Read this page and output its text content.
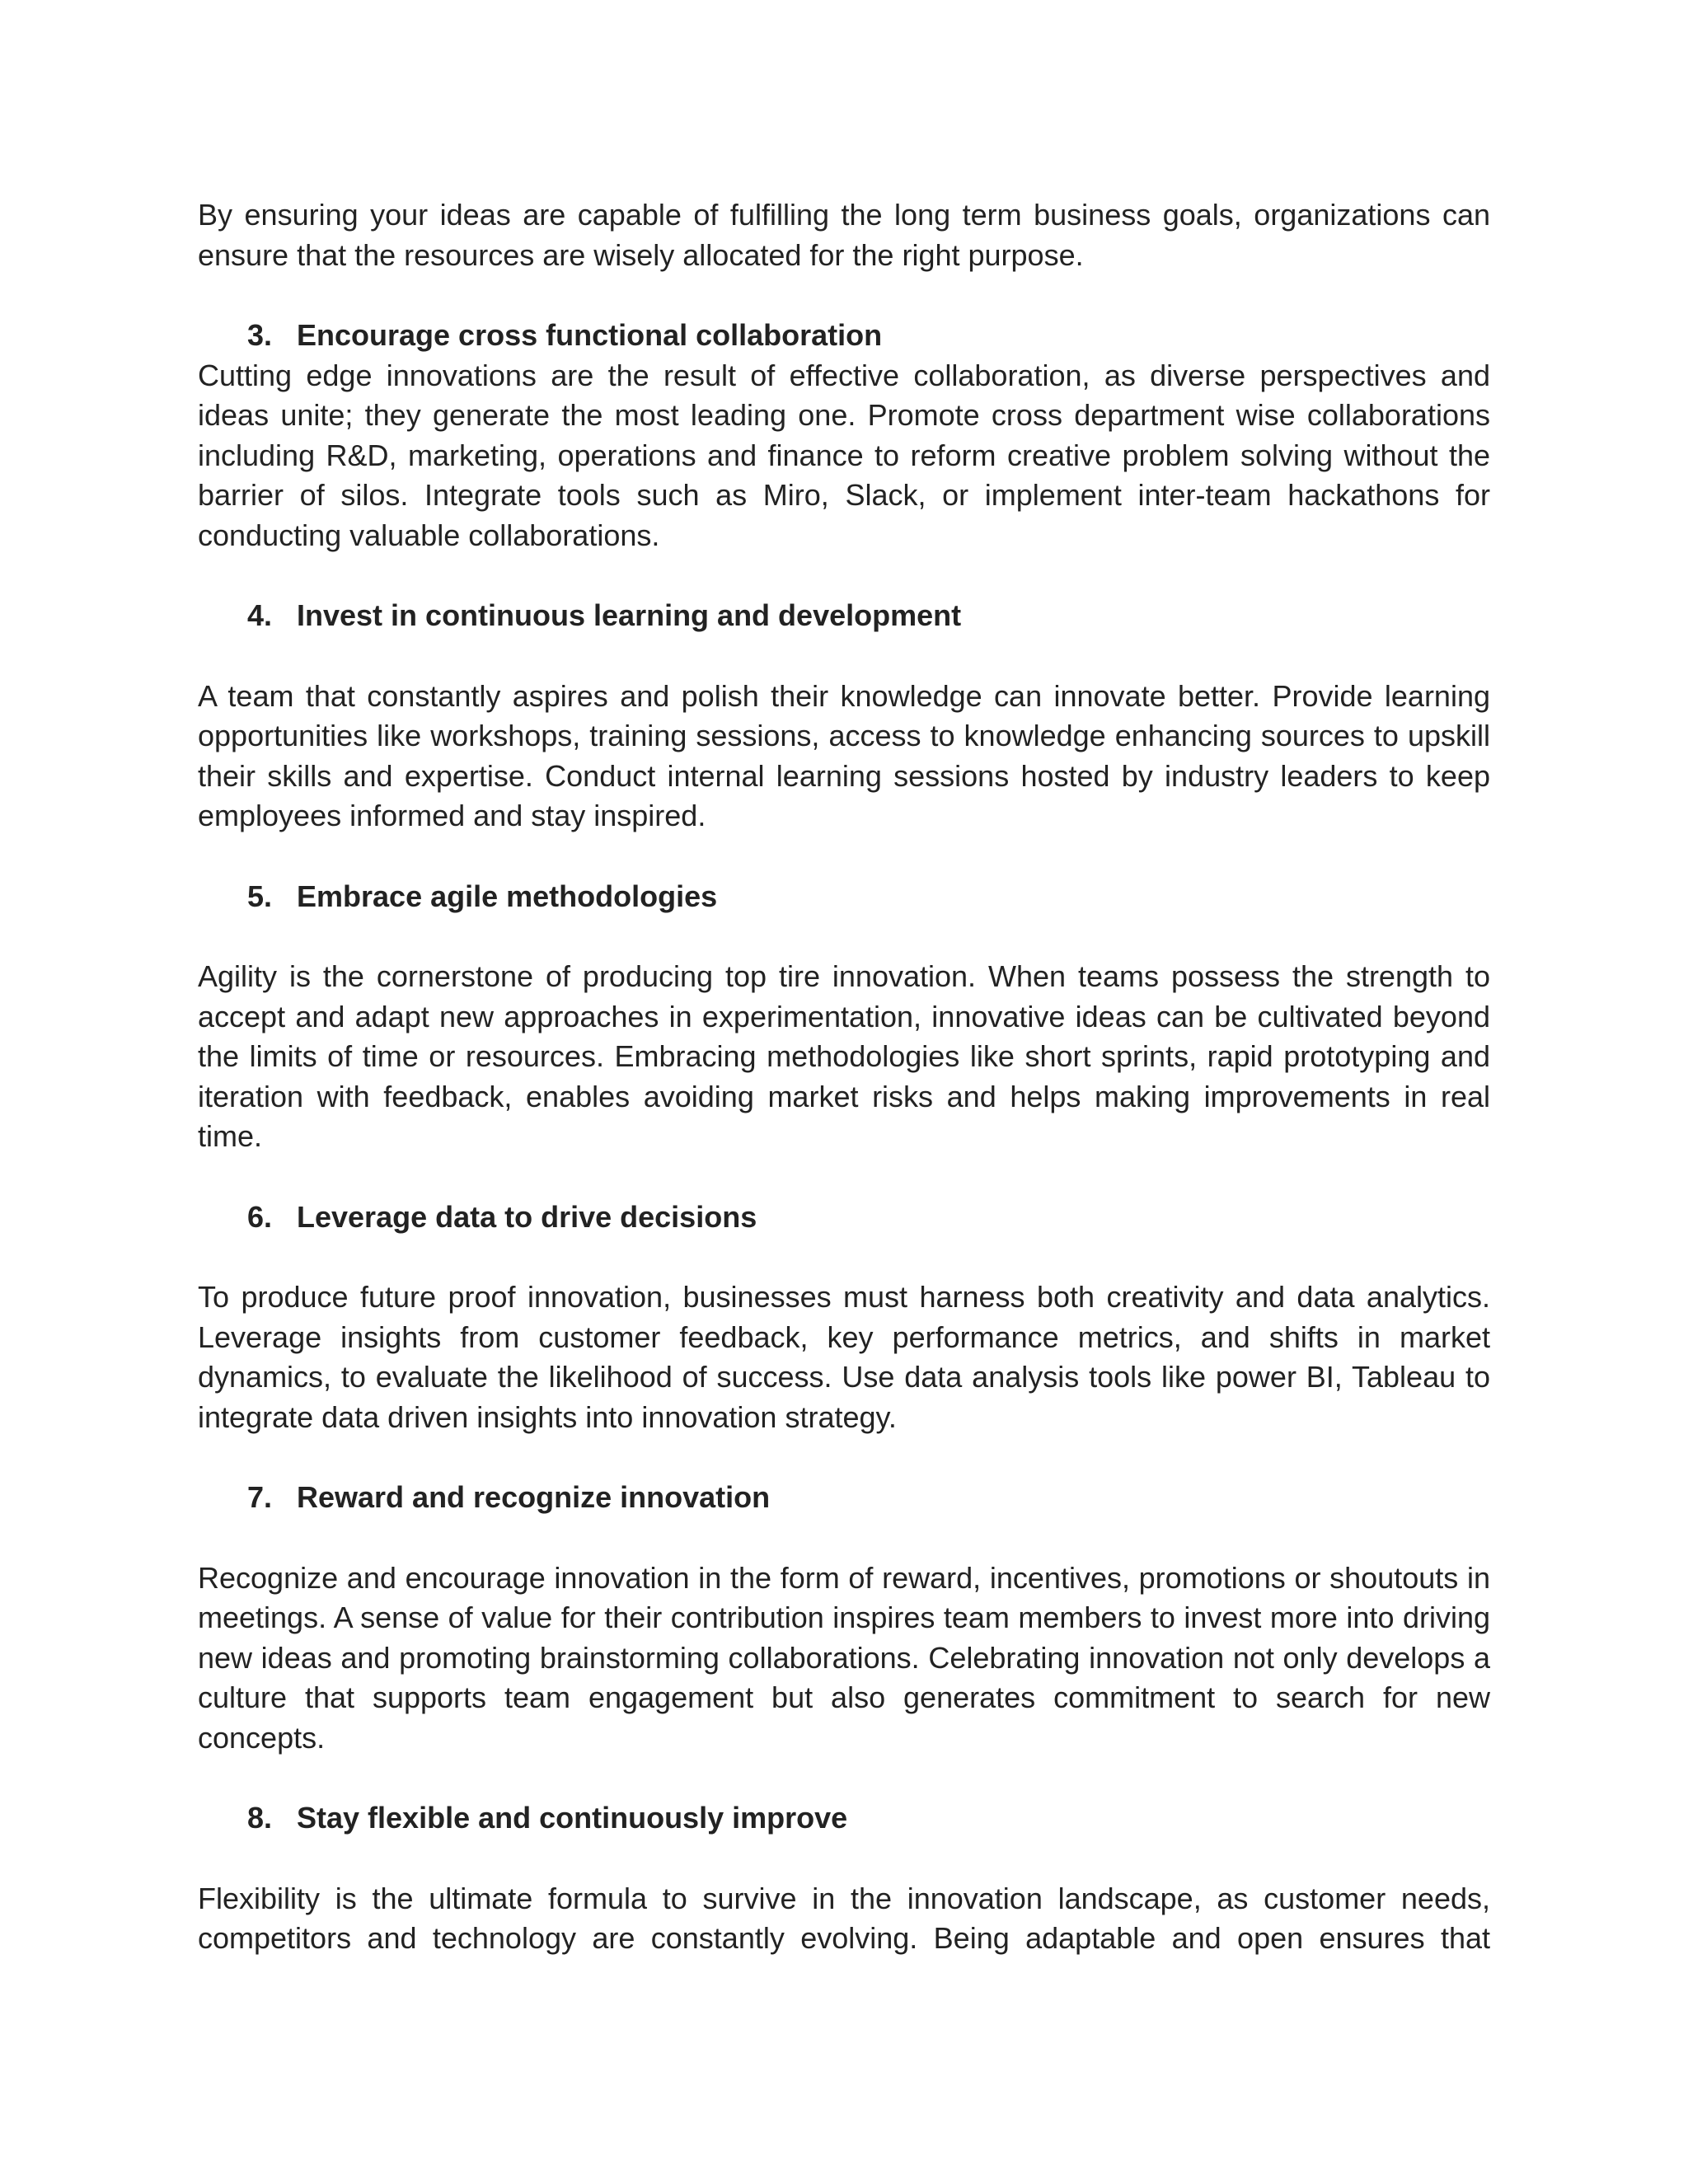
By ensuring your ideas are capable of fulfilling the long term business goals, organizations can ensure that the resources are wisely allocated for the right purpose.

3. Encourage cross functional collaboration

Cutting edge innovations are the result of effective collaboration, as diverse perspectives and ideas unite; they generate the most leading one. Promote cross department wise collaborations including R&D, marketing, operations and finance to reform creative problem solving without the barrier of silos. Integrate tools such as Miro, Slack, or implement inter-team hackathons for conducting valuable collaborations.

4. Invest in continuous learning and development

A team that constantly aspires and polish their knowledge can innovate better. Provide learning opportunities like workshops, training sessions, access to knowledge enhancing sources to upskill their skills and expertise. Conduct internal learning sessions hosted by industry leaders to keep employees informed and stay inspired.

5. Embrace agile methodologies

Agility is the cornerstone of producing top tire innovation. When teams possess the strength to accept and adapt new approaches in experimentation, innovative ideas can be cultivated beyond the limits of time or resources. Embracing methodologies like short sprints, rapid prototyping and iteration with feedback, enables avoiding market risks and helps making improvements in real time.

6. Leverage data to drive decisions

To produce future proof innovation, businesses must harness both creativity and data analytics. Leverage insights from customer feedback, key performance metrics, and shifts in market dynamics, to evaluate the likelihood of success. Use data analysis tools like power BI, Tableau to integrate data driven insights into innovation strategy.

7. Reward and recognize innovation

Recognize and encourage innovation in the form of reward, incentives, promotions or shoutouts in meetings. A sense of value for their contribution inspires team members to invest more into driving new ideas and promoting brainstorming collaborations. Celebrating innovation not only develops a culture that supports team engagement but also generates commitment to search for new concepts.

8. Stay flexible and continuously improve

Flexibility is the ultimate formula to survive in the innovation landscape, as customer needs, competitors and technology are constantly evolving. Being adaptable and open ensures that
